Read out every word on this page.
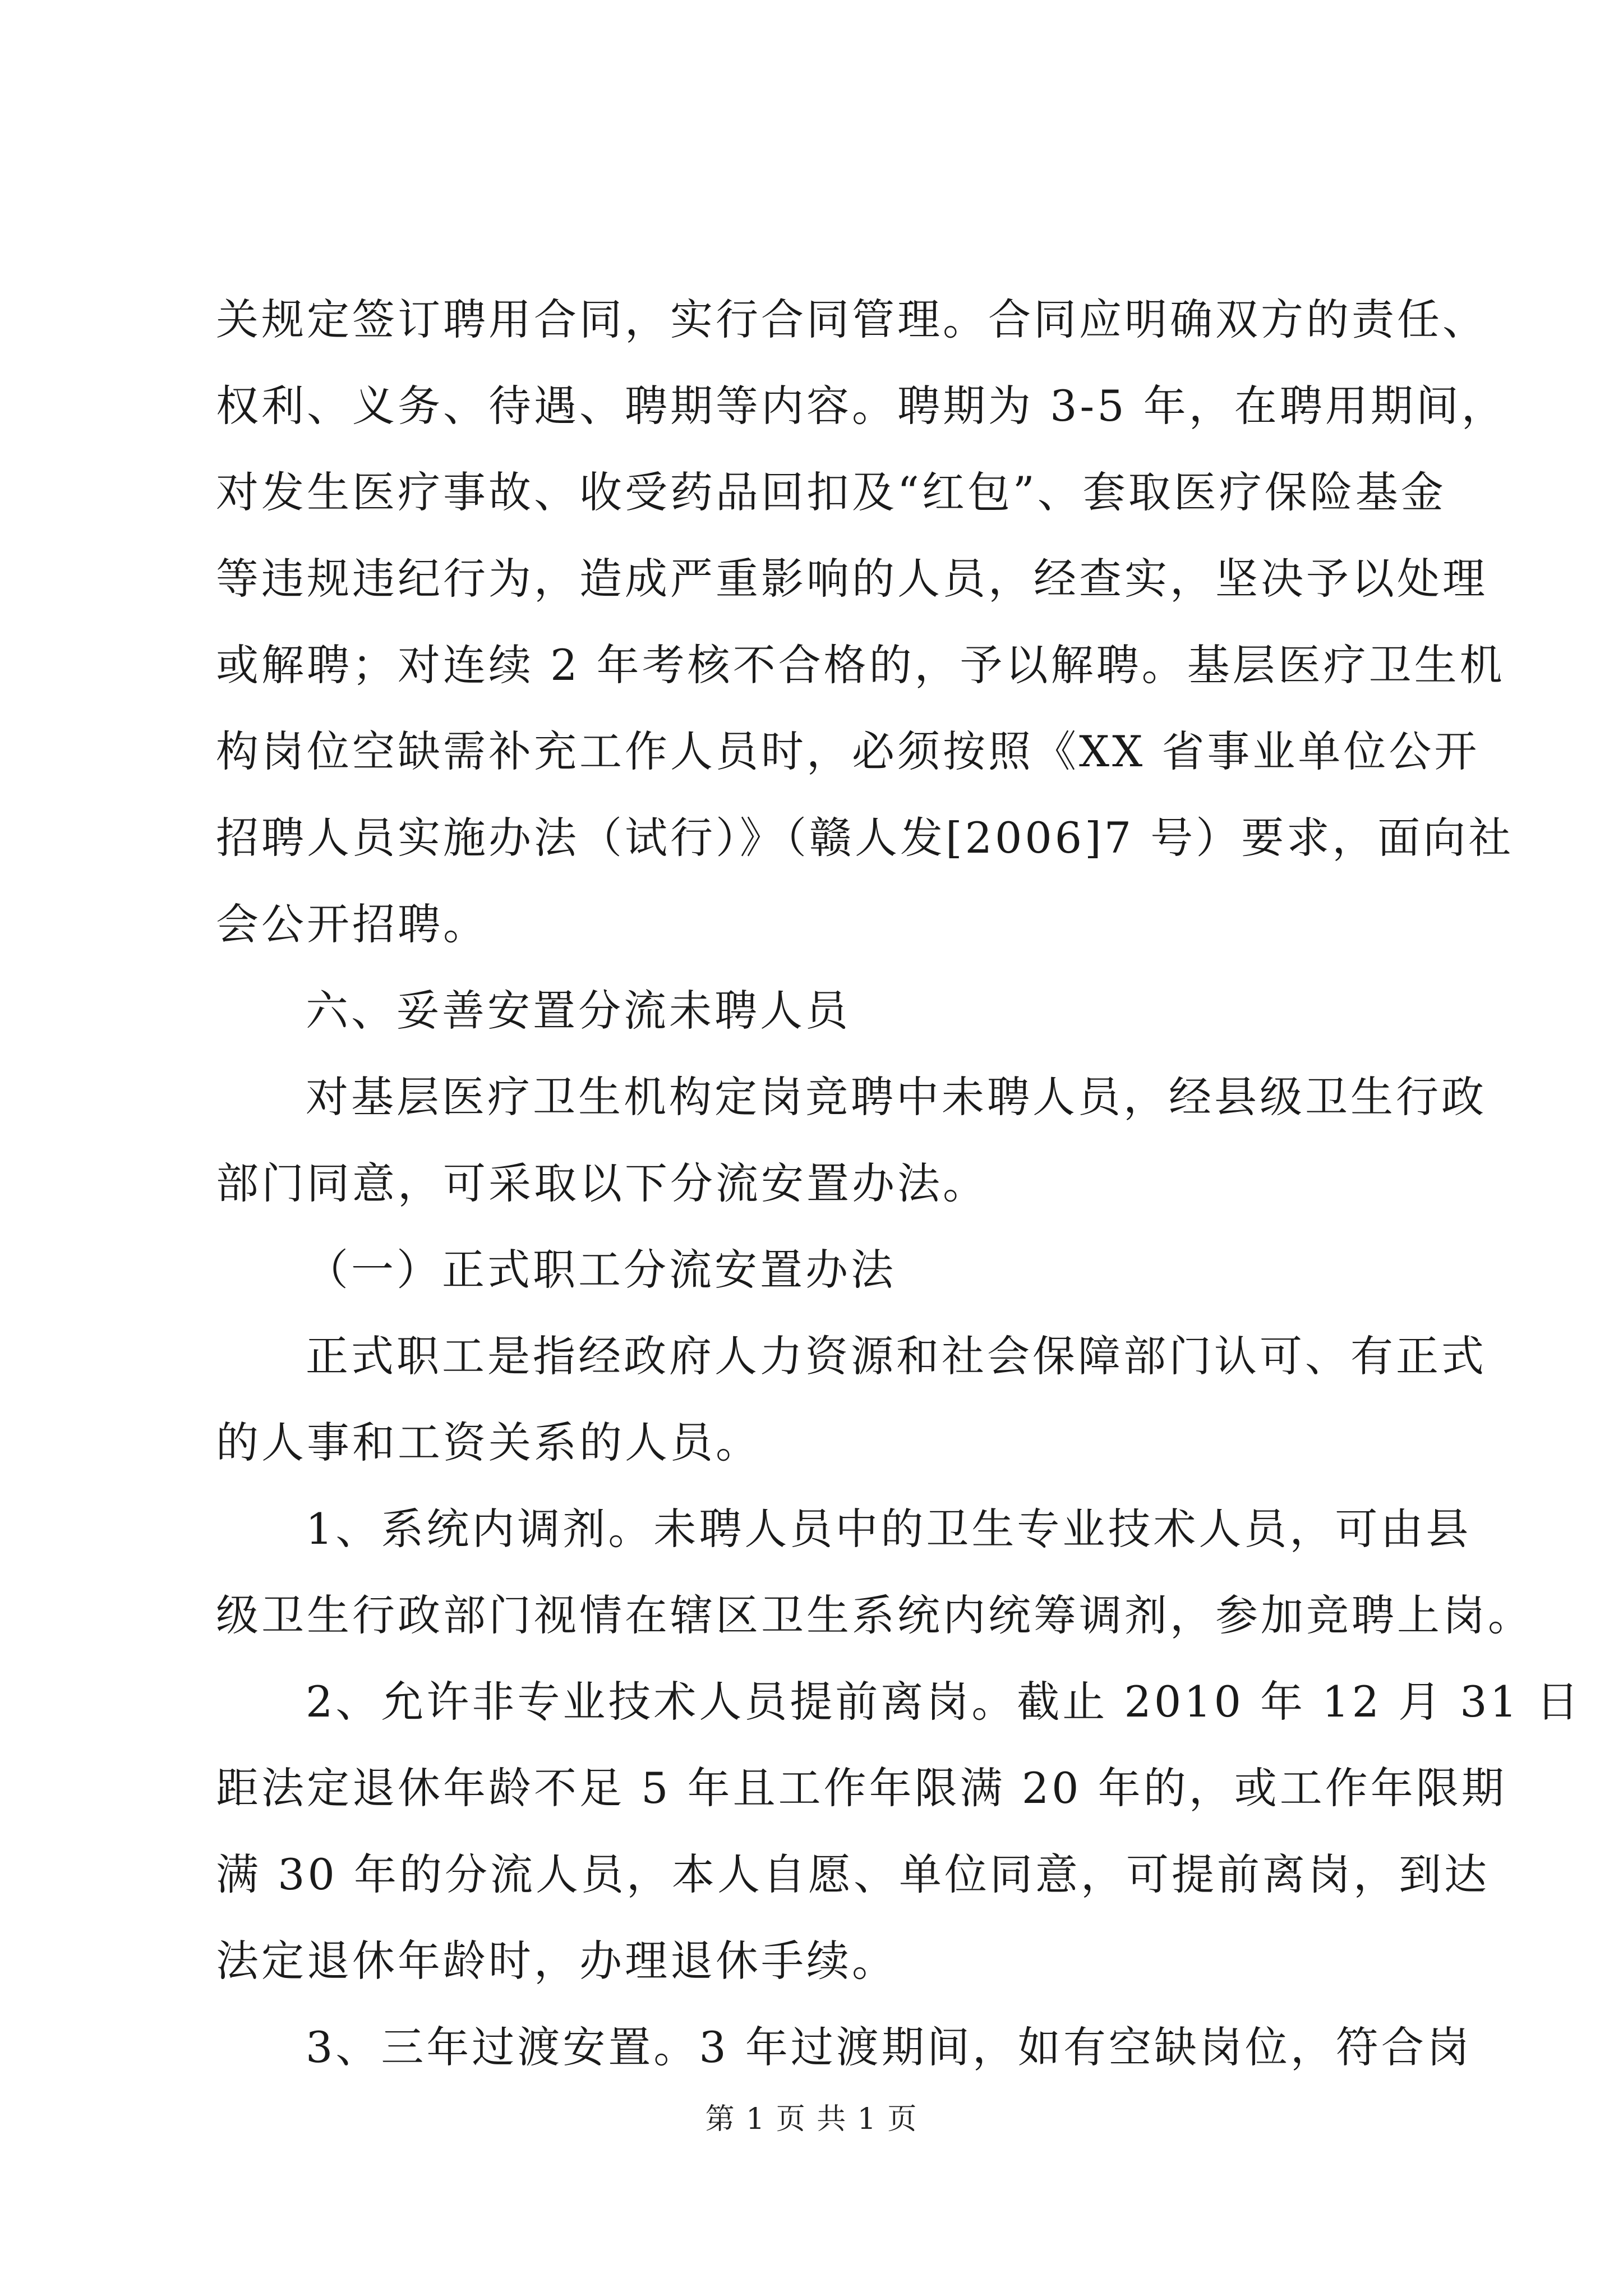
关规定签订聘用合同，实行合同管理。合同应明确双方的责任、
权利、义务、待遇、聘期等内容。聘期为 3-5 年，在聘用期间，
对发生医疗事故、收受药品回扣及“红包”、套取医疗保险基金
等违规违纪行为，造成严重影响的人员，经查实，坚决予以处理
或解聘；对连续 2 年考核不合格的，予以解聘。基层医疗卫生机
构岗位空缺需补充工作人员时，必须按照《XX 省事业单位公开
招聘人员实施办法（试行）》（赣人发[2006]7 号）要求，面向社
会公开招聘。
六、妥善安置分流未聘人员
对基层医疗卫生机构定岗竞聘中未聘人员，经县级卫生行政
部门同意，可采取以下分流安置办法。
（一）正式职工分流安置办法
正式职工是指经政府人力资源和社会保障部门认可、有正式
的人事和工资关系的人员。
1、系统内调剂。未聘人员中的卫生专业技术人员，可由县
级卫生行政部门视情在辖区卫生系统内统筹调剂，参加竞聘上岗。
2、允许非专业技术人员提前离岗。截止 2010 年 12 月 31 日
距法定退休年龄不足 5 年且工作年限满 20 年的，或工作年限期
满 30 年的分流人员，本人自愿、单位同意，可提前离岗，到达
法定退休年龄时，办理退休手续。
3、三年过渡安置。3 年过渡期间，如有空缺岗位，符合岗
第 1 页 共 1 页
